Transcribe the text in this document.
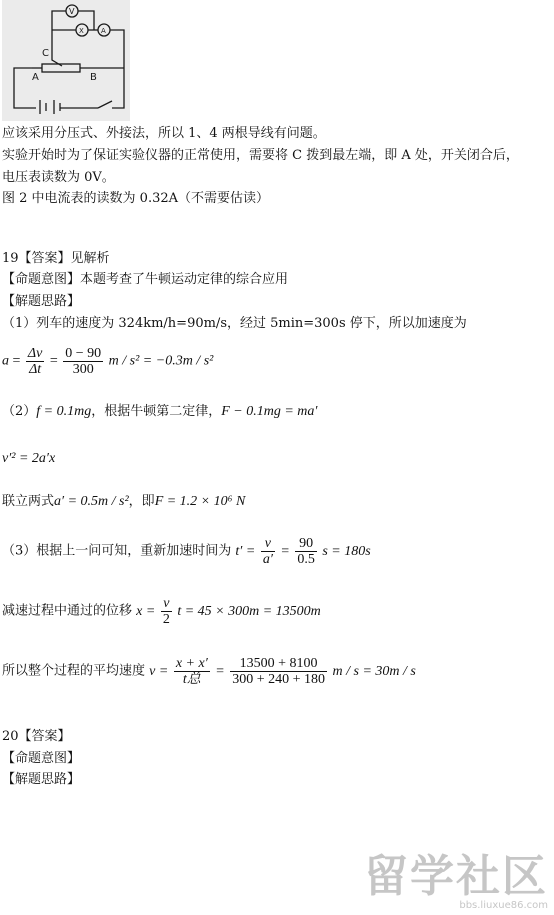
V
X A
C
A	B
应该采用分压式、外接法，所以 1、4 两根导线有问题。
实验开始时为了保证实验仪器的正常使用，需要将 C 拨到最左端，即 A 处，开关闭合后，
电压表读数为 0V。
图 2 中电流表的读数为 0.32A（不需要估读）
19【答案】见解析
【命题意图】本题考查了牛顿运动定律的综合应用
【解题思路】
（1）列车的速度为 324km/h=90m/s，经过 5min=300s 停下，所以加速度为
$a = \frac{\Delta v}{\Delta t} = \frac{0 - 90}{300}$ m / s² = −0.3m / s²
（2）f = 0.1mg，根据牛顿第二定律，F − 0.1mg = ma′
v′² = 2a′x
联立两式a′ = 0.5m / s²，即F = 1.2 × 10⁶ N
（3）根据上一问可知，重新加速时间为 $t' = \frac{v}{a'} = \frac{90}{0.5}$ s = 180s
减速过程中通过的位移 $x = \frac{v}{2}$ t = 45 × 300m = 13500m
所以整个过程的平均速度 $v = \frac{x + x'}{\text{t总}} = \frac{13500 + 8100}{300 + 240 + 180}$ m / s = 30m / s
20【答案】
【命题意图】
【解题思路】
留学社区
bbs.liuxue86.com
